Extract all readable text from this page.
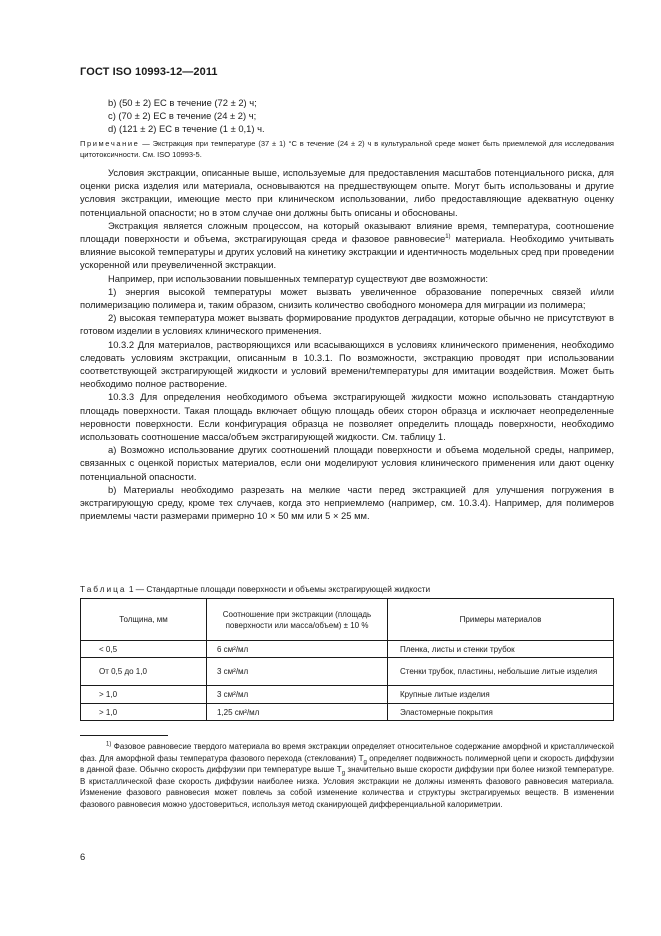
ГОСТ ISO 10993-12—2011
b) (50 ± 2) ЕС в течение (72 ± 2) ч;
c) (70 ± 2) ЕС в течение (24 ± 2) ч;
d) (121 ± 2) ЕС в течение (1 ± 0,1) ч.
Примечание — Экстракция при температуре (37 ± 1) °С в течение (24 ± 2) ч в культуральной среде может быть приемлемой для исследования цитотоксичности. См. ISO 10993-5.

Условия экстракции, описанные выше, используемые для предоставления масштабов потенциального риска, для оценки риска изделия или материала, основываются на предшествующем опыте. Могут быть использованы и другие условия экстракции, имеющие место при клиническом использовании, либо предоставляющие адекватную оценку потенциальной опасности; но в этом случае они должны быть описаны и обоснованы.

Экстракция является сложным процессом, на который оказывают влияние время, температура, соотношение площади поверхности и объема, экстрагирующая среда и фазовое равновесие$^{1)}$ материала. Необходимо учитывать влияние высокой температуры и других условий на кинетику экстракции и идентичность модельных сред при проведении ускоренной или преувеличенной экстракции.

Например, при использовании повышенных температур существуют две возможности:

1) энергия высокой температуры может вызвать увеличенное образование поперечных связей и/или полимеризацию полимера и, таким образом, снизить количество свободного мономера для миграции из полимера;

2) высокая температура может вызвать формирование продуктов деградации, которые обычно не присутствуют в готовом изделии в условиях клинического применения.

10.3.2 Для материалов, растворяющихся или всасывающихся в условиях клинического применения, необходимо следовать условиям экстракции, описанным в 10.3.1. По возможности, экстракцию проводят при использовании соответствующей экстрагирующей жидкости и условий времени/температуры для имитации воздействия. Может быть необходимо полное растворение.

10.3.3 Для определения необходимого объема экстрагирующей жидкости можно использовать стандартную площадь поверхности. Такая площадь включает общую площадь обеих сторон образца и исключает неопределенные неровности поверхности. Если конфигурация образца не позволяет определить площадь поверхности, необходимо использовать соотношение масса/объем экстрагирующей жидкости. См. таблицу 1.

a) Возможно использование других соотношений площади поверхности и объема модельной среды, например, связанных с оценкой пористых материалов, если они моделируют условия клинического применения или дают оценку потенциальной опасности.

b) Материалы необходимо разрезать на мелкие части перед экстракцией для улучшения погружения в экстрагирующую среду, кроме тех случаев, когда это неприемлемо (например, см. 10.3.4). Например, для полимеров приемлемы части размерами примерно 10 × 50 мм или 5 × 25 мм.

Таблица 1 — Стандартные площади поверхности и объемы экстрагирующей жидкости
Толщина, мм	Соотношение при экстракции (площадь поверхности или масса/объем) ± 10 %	Примеры материалов
< 0,5	6 см²/мл	Пленка, листы и стенки трубок
От 0,5 до 1,0	3 см²/мл	Стенки трубок, пластины, небольшие литые изделия
> 1,0	3 см²/мл	Крупные литые изделия
> 1,0	1,25 см²/мл	Эластомерные покрытия
$^{1)}$ Фазовое равновесие твердого материала во время экстракции определяет относительное содержание аморфной и кристаллической фаз. Для аморфной фазы температура фазового перехода (стеклования) $T_g$ определяет подвижность полимерной цепи и скорость диффузии в данной фазе. Обычно скорость диффузии при температуре выше $T_g$ значительно выше скорости диффузии при более низкой температуре. В кристаллической фазе скорость диффузии наиболее низка. Условия экстракции не должны изменять фазового равновесия материала. Изменение фазового равновесия может повлечь за собой изменение количества и структуры экстрагируемых веществ. В изменении фазового равновесия можно удостовериться, используя метод сканирующей дифференциальной калориметрии.
6
